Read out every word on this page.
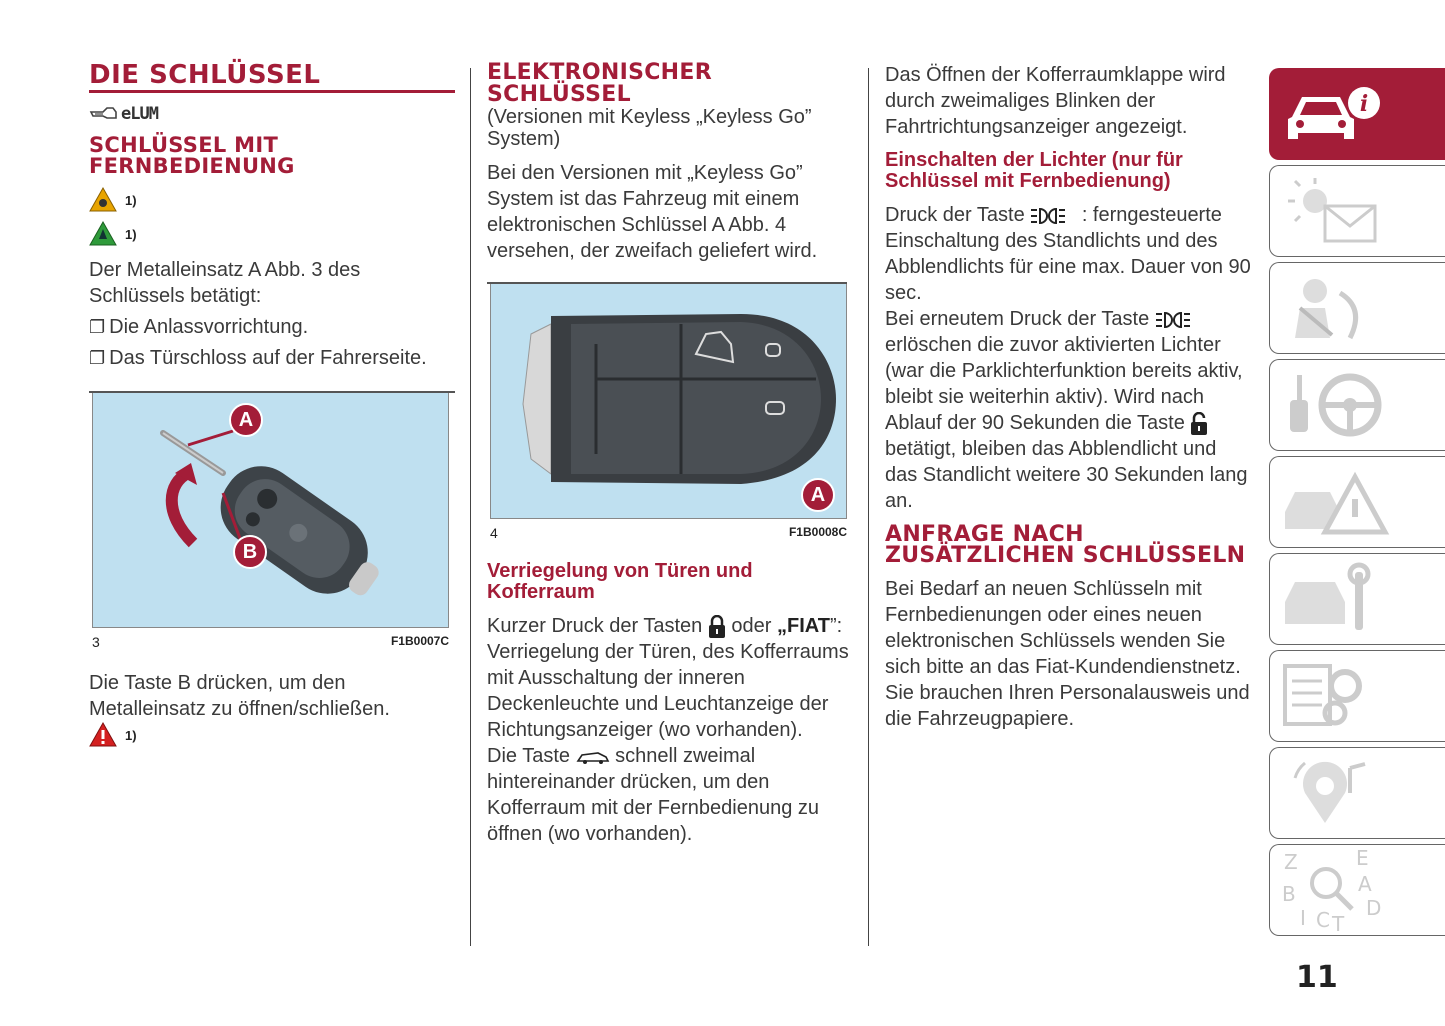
DIE SCHLÜSSEL
eLUM
SCHLÜSSEL MIT FERNBEDIENUNG
1)
1)

Der Metalleinsatz A Abb. 3 des Schlüssels betätigt:

❐ Die Anlassvorrichtung.
❐ Das Türschloss auf der Fahrerseite.
A
B
3	F1B0007C

Die Taste B drücken, um den Metalleinsatz zu öffnen/schließen.

1)
ELEKTRONISCHER SCHLÜSSEL

(Versionen mit Keyless „Keyless Go” System)

Bei den Versionen mit „Keyless Go” System ist das Fahrzeug mit einem elektronischen Schlüssel A Abb. 4 versehen, der zweifach geliefert wird.

A
4	F1B0008C
Verriegelung von Türen und Kofferraum

Kurzer Druck der Tasten oder „FIAT”: Verriegelung der Türen, des Kofferraums mit Ausschaltung der inneren Deckenleuchte und Leuchtanzeige der Richtungsanzeiger (wo vorhanden).

Die Taste schnell zweimal hintereinander drücken, um den Kofferraum mit der Fernbedienung zu öffnen (wo vorhanden).

Das Öffnen der Kofferraumklappe wird durch zweimaliges Blinken der Fahrtrichtungsanzeiger angezeigt.

Einschalten der Lichter (nur für Schlüssel mit Fernbedienung)

Druck der Taste	: ferngesteuerte Einschaltung des Standlichts und des Abblendlichts für eine max. Dauer von 90 sec.

Bei erneutem Druck der Taste  erlöschen die zuvor aktivierten Lichter (war die Parklichterfunktion bereits aktiv, bleibt sie weiterhin aktiv). Wird nach Ablauf der 90 Sekunden die Taste  betätigt, bleiben das Abblendlicht und das Standlicht weitere 30 Sekunden lang an.

ANFRAGE NACH ZUSÄTZLICHEN SCHLÜSSELN

Bei Bedarf an neuen Schlüsseln mit Fernbedienungen oder eines neuen elektronischen Schlüssels wenden Sie sich bitte an das Fiat-Kundendienstnetz. Sie brauchen Ihren Personalausweis und die Fahrzeugpapiere.

i
Z	E
B	A
I C T
D
11
